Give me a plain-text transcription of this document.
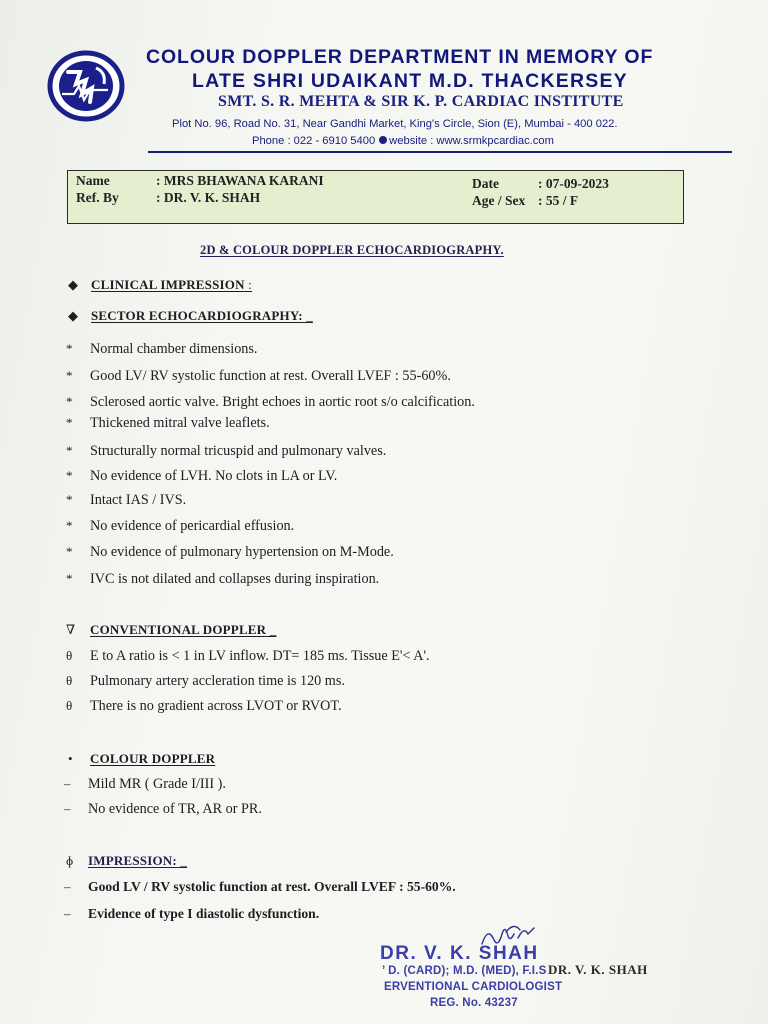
COLOUR DOPPLER DEPARTMENT IN MEMORY OF
LATE SHRI UDAIKANT M.D. THACKERSEY
SMT. S. R. MEHTA & SIR K. P. CARDIAC INSTITUTE
Plot No. 96, Road No. 31, Near Gandhi Market, King's Circle, Sion (E), Mumbai - 400 022.
Phone : 022 - 6910 5400 website : www.srmkpcardiac.com
Name	: MRS BHAWANA KARANI
Ref. By	: DR. V. K. SHAH
Date	: 07-09-2023
Age / Sex : 55 / F
2D & COLOUR DOPPLER ECHOCARDIOGRAPHY.
◆ CLINICAL IMPRESSION :
◆ SECTOR ECHOCARDIOGRAPHY: _
* Normal chamber dimensions.
* Good LV/ RV systolic function at rest. Overall LVEF : 55-60%.
* Sclerosed aortic valve. Bright echoes in aortic root s/o calcification.
* Thickened mitral valve leaflets.
* Structurally normal tricuspid and pulmonary valves.
* No evidence of LVH. No clots in LA or LV.
* Intact IAS / IVS.
* No evidence of pericardial effusion.
* No evidence of pulmonary hypertension on M-Mode.
* IVC is not dilated and collapses during inspiration.
∇ CONVENTIONAL DOPPLER _
θ E to A ratio is < 1 in LV inflow. DT= 185 ms. Tissue E'< A'.
θ Pulmonary artery accleration time is 120 ms.
θ There is no gradient across LVOT or RVOT.
• COLOUR DOPPLER
– Mild MR ( Grade I/III ).
– No evidence of TR, AR or PR.
ɸ IMPRESSION: _
– Good LV / RV systolic function at rest. Overall LVEF : 55-60%.
– Evidence of type I diastolic dysfunction.
DR. V. K. SHAH
’ D. (CARD); M.D. (MED), F.I.S
ERVENTIONAL CARDIOLOGIST
REG. No. 43237
DR. V. K. SHAH
